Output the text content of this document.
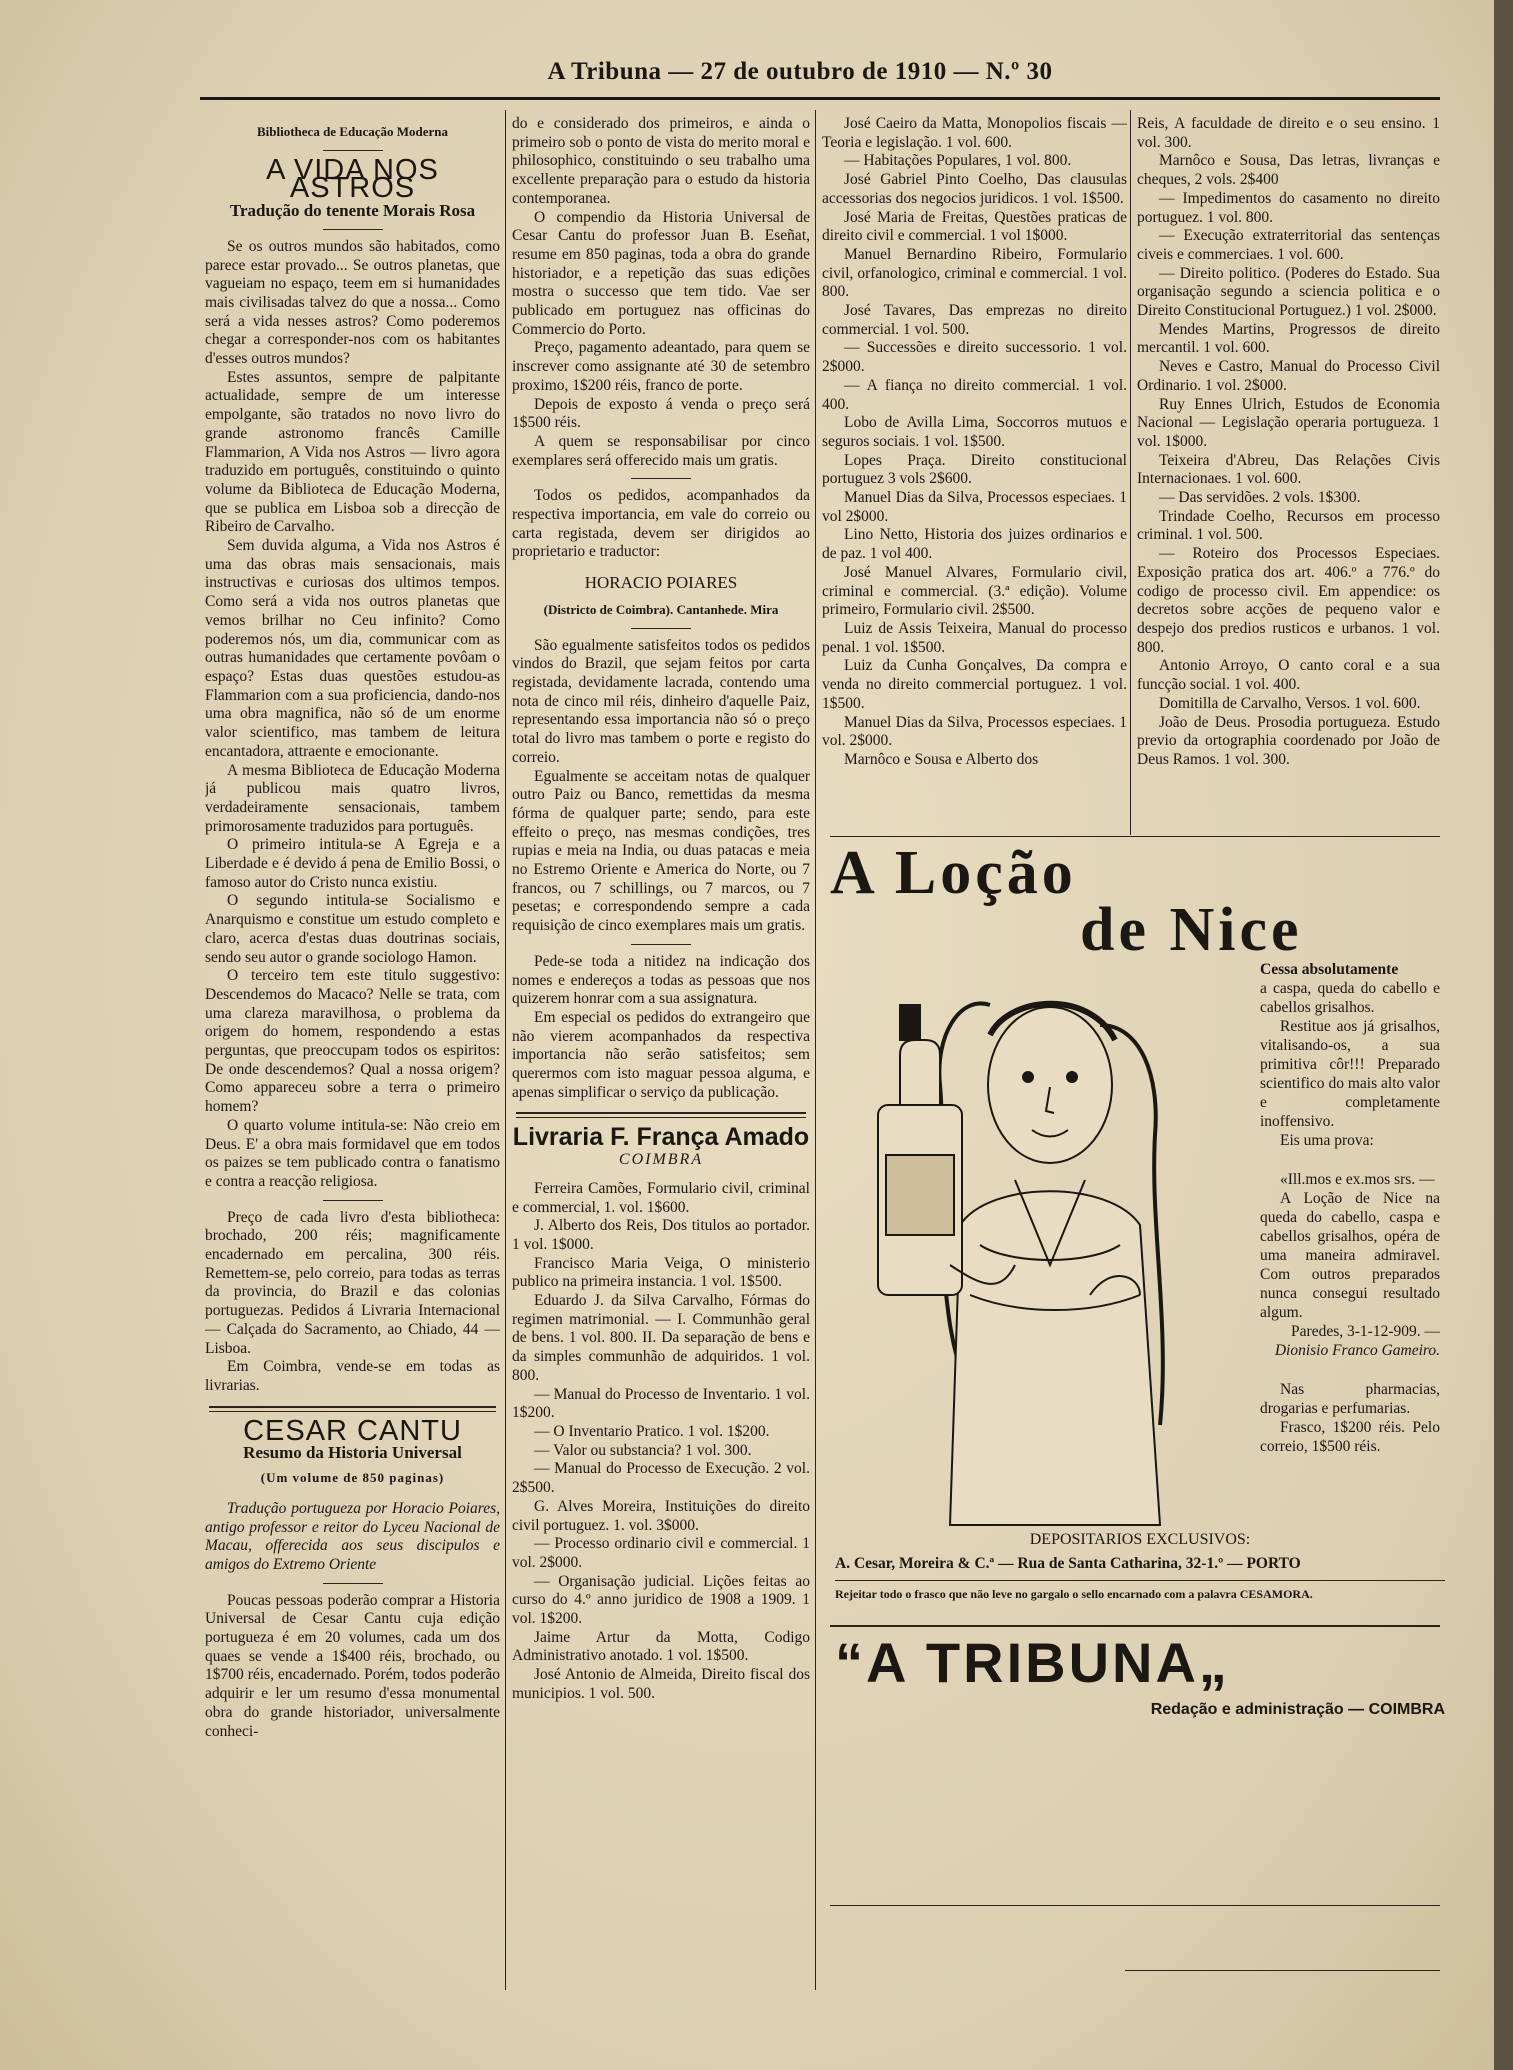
A Tribuna — 27 de outubro de 1910 — N.º 30
Bibliotheca de Educação Moderna
A VIDA NOS ASTROS
Tradução do tenente Morais Rosa

Se os outros mundos são habitados, como parece estar provado... Se outros planetas, que vagueiam no espaço, teem em si humanidades mais civilisadas talvez do que a nossa... Como será a vida nesses astros? Como poderemos chegar a corresponder-nos com os habitantes d'esses outros mundos?

Estes assuntos, sempre de palpitante actualidade, sempre de um interesse empolgante, são tratados no novo livro do grande astronomo francês Camille Flammarion, A Vida nos Astros — livro agora traduzido em português, constituindo o quinto volume da Biblioteca de Educação Moderna, que se publica em Lisboa sob a direcção de Ribeiro de Carvalho.

Sem duvida alguma, a Vida nos Astros é uma das obras mais sensacionais, mais instructivas e curiosas dos ultimos tempos. Como será a vida nos outros planetas que vemos brilhar no Ceu infinito? Como poderemos nós, um dia, communicar com as outras humanidades que certamente povôam o espaço? Estas duas questões estudou-as Flammarion com a sua proficiencia, dando-nos uma obra magnifica, não só de um enorme valor scientifico, mas tambem de leitura encantadora, attraente e emocionante.

A mesma Biblioteca de Educação Moderna já publicou mais quatro livros, verdadeiramente sensacionais, tambem primorosamente traduzidos para português.

O primeiro intitula-se A Egreja e a Liberdade e é devido á pena de Emilio Bossi, o famoso autor do Cristo nunca existiu.

O segundo intitula-se Socialismo e Anarquismo e constitue um estudo completo e claro, acerca d'estas duas doutrinas sociais, sendo seu autor o grande sociologo Hamon.

O terceiro tem este titulo suggestivo: Descendemos do Macaco? Nelle se trata, com uma clareza maravilhosa, o problema da origem do homem, respondendo a estas perguntas, que preoccupam todos os espiritos: De onde descendemos? Qual a nossa origem? Como appareceu sobre a terra o primeiro homem?

O quarto volume intitula-se: Não creio em Deus. E' a obra mais formidavel que em todos os paizes se tem publicado contra o fanatismo e contra a reacção religiosa.

Preço de cada livro d'esta bibliotheca: brochado, 200 réis; magnificamente encadernado em percalina, 300 réis. Remettem-se, pelo correio, para todas as terras da provincia, do Brazil e das colonias portuguezas. Pedidos á Livraria Internacional — Calçada do Sacramento, ao Chiado, 44 — Lisboa.

Em Coimbra, vende-se em todas as livrarias.

CESAR CANTU
Resumo da Historia Universal
(Um volume de 850 paginas)

Tradução portugueza por Horacio Poiares, antigo professor e reitor do Lyceu Nacional de Macau, offerecida aos seus discipulos e amigos do Extremo Oriente

Poucas pessoas poderão comprar a Historia Universal de Cesar Cantu cuja edição portugueza é em 20 volumes, cada um dos quaes se vende a 1$400 réis, brochado, ou 1$700 réis, encadernado. Porém, todos poderão adquirir e ler um resumo d'essa monumental obra do grande historiador, universalmente conheci-

do e considerado dos primeiros, e ainda o primeiro sob o ponto de vista do merito moral e philosophico, constituindo o seu trabalho uma excellente preparação para o estudo da historia contemporanea.

O compendio da Historia Universal de Cesar Cantu do professor Juan B. Eseñat, resume em 850 paginas, toda a obra do grande historiador, e a repetição das suas edições mostra o successo que tem tido. Vae ser publicado em portuguez nas officinas do Commercio do Porto.

Preço, pagamento adeantado, para quem se inscrever como assignante até 30 de setembro proximo, 1$200 réis, franco de porte.

Depois de exposto á venda o preço será 1$500 réis.

A quem se responsabilisar por cinco exemplares será offerecido mais um gratis.

Todos os pedidos, acompanhados da respectiva importancia, em vale do correio ou carta registada, devem ser dirigidos ao proprietario e traductor:

HORACIO POIARES
(Districto de Coimbra). Cantanhede. Mira

São egualmente satisfeitos todos os pedidos vindos do Brazil, que sejam feitos por carta registada, devidamente lacrada, contendo uma nota de cinco mil réis, dinheiro d'aquelle Paiz, representando essa importancia não só o preço total do livro mas tambem o porte e registo do correio.

Egualmente se acceitam notas de qualquer outro Paiz ou Banco, remettidas da mesma fórma de qualquer parte; sendo, para este effeito o preço, nas mesmas condições, tres rupias e meia na India, ou duas patacas e meia no Estremo Oriente e America do Norte, ou 7 francos, ou 7 schillings, ou 7 marcos, ou 7 pesetas; e correspondendo sempre a cada requisição de cinco exemplares mais um gratis.

Pede-se toda a nitidez na indicação dos nomes e endereços a todas as pessoas que nos quizerem honrar com a sua assignatura.

Em especial os pedidos do extrangeiro que não vierem acompanhados da respectiva importancia não serão satisfeitos; sem querermos com isto maguar pessoa alguma, e apenas simplificar o serviço da publicação.

Livraria F. França Amado
COIMBRA

Ferreira Camões, Formulario civil, criminal e commercial, 1. vol. 1$600.

J. Alberto dos Reis, Dos titulos ao portador. 1 vol. 1$000.

Francisco Maria Veiga, O ministerio publico na primeira instancia. 1 vol. 1$500.

Eduardo J. da Silva Carvalho, Fórmas do regimen matrimonial. — I. Communhão geral de bens. 1 vol. 800. II. Da separação de bens e da simples communhão de adquiridos. 1 vol. 800.

— Manual do Processo de Inventario. 1 vol. 1$200.

— O Inventario Pratico. 1 vol. 1$200.

— Valor ou substancia? 1 vol. 300.

— Manual do Processo de Execução. 2 vol. 2$500.

G. Alves Moreira, Instituições do direito civil portuguez. 1. vol. 3$000.

— Processo ordinario civil e commercial. 1 vol. 2$000.

— Organisação judicial. Lições feitas ao curso do 4.º anno juridico de 1908 a 1909. 1 vol. 1$200.

Jaime Artur da Motta, Codigo Administrativo anotado. 1 vol. 1$500.

José Antonio de Almeida, Direito fiscal dos municipios. 1 vol. 500.

José Caeiro da Matta, Monopolios fiscais — Teoria e legislação. 1 vol. 600.

— Habitações Populares, 1 vol. 800.

José Gabriel Pinto Coelho, Das clausulas accessorias dos negocios juridicos. 1 vol. 1$500.

José Maria de Freitas, Questões praticas de direito civil e commercial. 1 vol 1$000.

Manuel Bernardino Ribeiro, Formulario civil, orfanologico, criminal e commercial. 1 vol. 800.

José Tavares, Das emprezas no direito commercial. 1 vol. 500.

— Successões e direito successorio. 1 vol. 2$000.

— A fiança no direito commercial. 1 vol. 400.

Lobo de Avilla Lima, Soccorros mutuos e seguros sociais. 1 vol. 1$500.

Lopes Praça. Direito constitucional portuguez 3 vols 2$600.

Manuel Dias da Silva, Processos especiaes. 1 vol 2$000.

Lino Netto, Historia dos juizes ordinarios e de paz. 1 vol 400.

José Manuel Alvares, Formulario civil, criminal e commercial. (3.ª edição). Volume primeiro, Formulario civil. 2$500.

Luiz de Assis Teixeira, Manual do processo penal. 1 vol. 1$500.

Luiz da Cunha Gonçalves, Da compra e venda no direito commercial portuguez. 1 vol. 1$500.

Manuel Dias da Silva, Processos especiaes. 1 vol. 2$000.

Marnôco e Sousa e Alberto dos

Reis, A faculdade de direito e o seu ensino. 1 vol. 300.

Marnôco e Sousa, Das letras, livranças e cheques, 2 vols. 2$400

— Impedimentos do casamento no direito portuguez. 1 vol. 800.

— Execução extraterritorial das sentenças civeis e commerciaes. 1 vol. 600.

— Direito politico. (Poderes do Estado. Sua organisação segundo a sciencia politica e o Direito Constitucional Portuguez.) 1 vol. 2$000.

Mendes Martins, Progressos de direito mercantil. 1 vol. 600.

Neves e Castro, Manual do Processo Civil Ordinario. 1 vol. 2$000.

Ruy Ennes Ulrich, Estudos de Economia Nacional — Legislação operaria portugueza. 1 vol. 1$000.

Teixeira d'Abreu, Das Relações Civis Internacionaes. 1 vol. 600.

— Das servidões. 2 vols. 1$300.

Trindade Coelho, Recursos em processo criminal. 1 vol. 500.

— Roteiro dos Processos Especiaes. Exposição pratica dos art. 406.º a 776.º do codigo de processo civil. Em appendice: os decretos sobre acções de pequeno valor e despejo dos predios rusticos e urbanos. 1 vol. 800.

Antonio Arroyo, O canto coral e a sua funcção social. 1 vol. 400.

Domitilla de Carvalho, Versos. 1 vol. 600.

João de Deus. Prosodia portugueza. Estudo previo da ortographia coordenado por João de Deus Ramos. 1 vol. 300.

A Loção
de Nice

Cessa absolutamente

a caspa, queda do cabello e cabellos grisalhos.

Restitue aos já grisalhos, vitalisando-os, a sua primitiva côr!!! Preparado scientifico do mais alto valor e completamente inoffensivo.

Eis uma prova:

«Ill.mos e ex.mos srs. —

A Loção de Nice na queda do cabello, caspa e cabellos grisalhos, opéra de uma maneira admiravel. Com outros preparados nunca consegui resultado algum.

Paredes, 3-1-12-909. —

Dionisio Franco Gameiro.

Nas pharmacias, drogarias e perfumarias.

Frasco, 1$200 réis. Pelo correio, 1$500 réis.

DEPOSITARIOS EXCLUSIVOS:
A. Cesar, Moreira & C.ª — Rua de Santa Catharina, 32-1.º — PORTO
Rejeitar todo o frasco que não leve no gargalo o sello encarnado com a palavra CESAMORA.
“A TRIBUNA„
Redação e administração — COIMBRA
